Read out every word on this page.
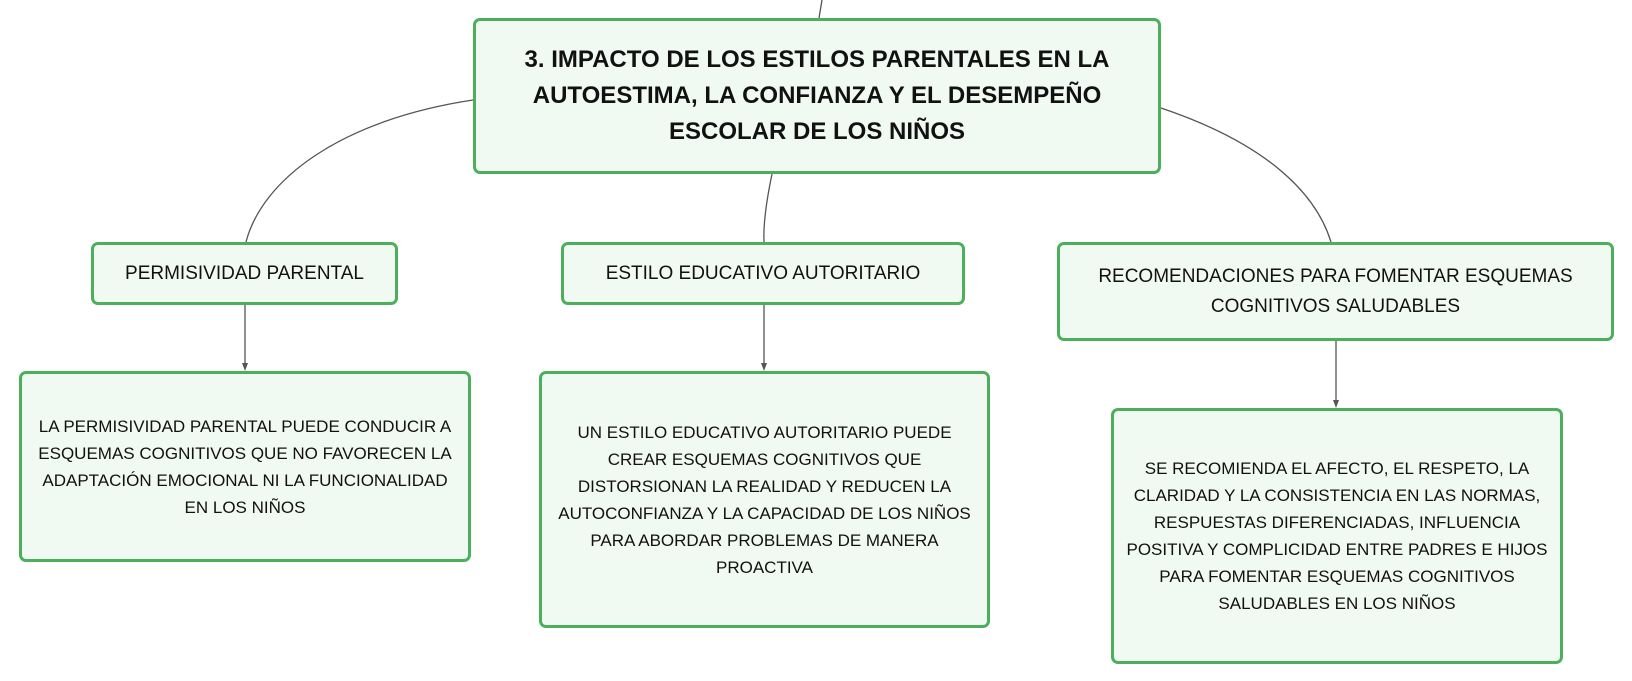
3. IMPACTO DE LOS ESTILOS PARENTALES EN LA AUTOESTIMA, LA CONFIANZA Y EL DESEMPEÑO ESCOLAR DE LOS NIÑOS
PERMISIVIDAD PARENTAL	ESTILO EDUCATIVO AUTORITARIO	RECOMENDACIONES PARA FOMENTAR ESQUEMAS COGNITIVOS SALUDABLES
LA PERMISIVIDAD PARENTAL PUEDE CONDUCIR A ESQUEMAS COGNITIVOS QUE NO FAVORECEN LA ADAPTACIÓN EMOCIONAL NI LA FUNCIONALIDAD EN LOS NIÑOS
UN ESTILO EDUCATIVO AUTORITARIO PUEDE CREAR ESQUEMAS COGNITIVOS QUE DISTORSIONAN LA REALIDAD Y REDUCEN LA AUTOCONFIANZA Y LA CAPACIDAD DE LOS NIÑOS PARA ABORDAR PROBLEMAS DE MANERA PROACTIVA
SE RECOMIENDA EL AFECTO, EL RESPETO, LA CLARIDAD Y LA CONSISTENCIA EN LAS NORMAS, RESPUESTAS DIFERENCIADAS, INFLUENCIA POSITIVA Y COMPLICIDAD ENTRE PADRES E HIJOS PARA FOMENTAR ESQUEMAS COGNITIVOS SALUDABLES EN LOS NIÑOS
